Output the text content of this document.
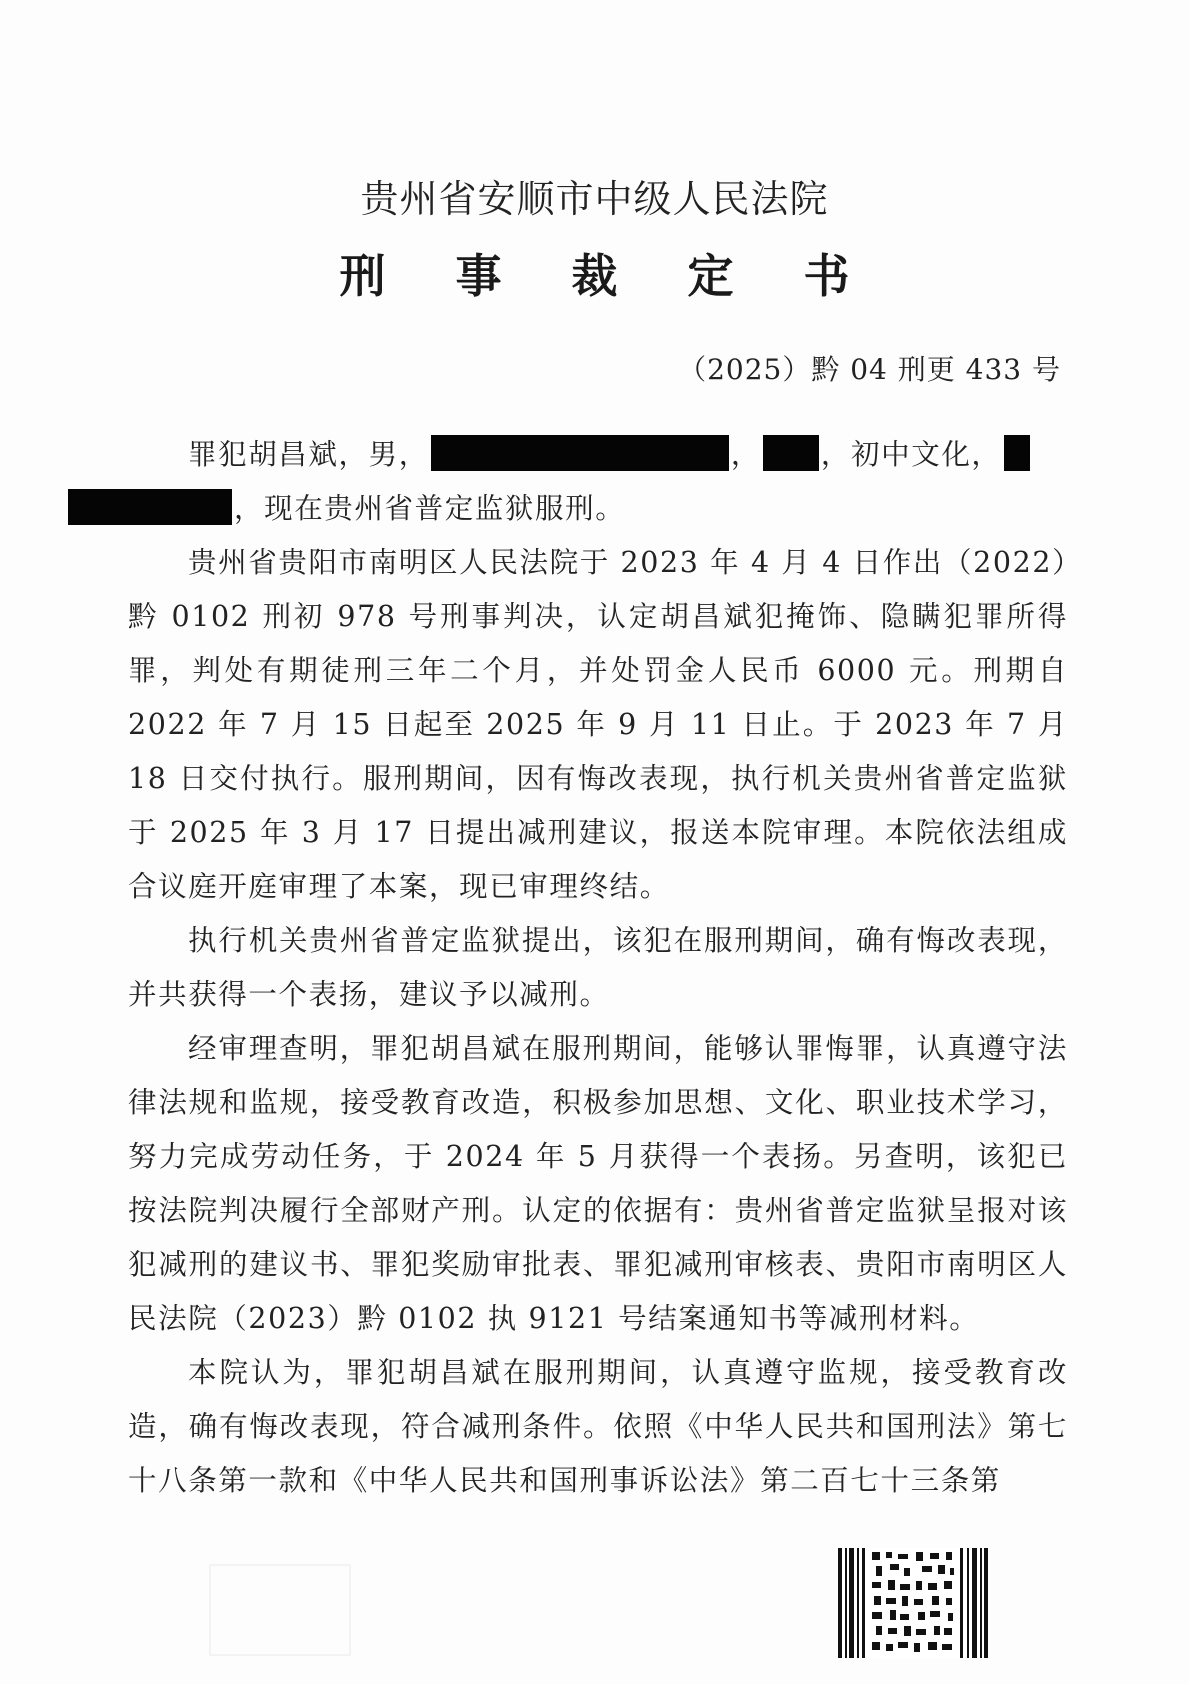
贵州省安顺市中级人民法院
刑事裁定书
（2025）黔 04 刑更 433 号

罪犯胡昌斌，男，	， ，初中文化，
，现在贵州省普定监狱服刑。

贵州省贵阳市南明区人民法院于 2023 年 4 月 4 日作出（2022）黔 0102 刑初 978 号刑事判决，认定胡昌斌犯掩饰、隐瞒犯罪所得罪，判处有期徒刑三年二个月，并处罚金人民币 6000 元。刑期自 2022 年 7 月 15 日起至 2025 年 9 月 11 日止。于 2023 年 7 月 18 日交付执行。服刑期间，因有悔改表现，执行机关贵州省普定监狱于 2025 年 3 月 17 日提出减刑建议，报送本院审理。本院依法组成合议庭开庭审理了本案，现已审理终结。

执行机关贵州省普定监狱提出，该犯在服刑期间，确有悔改表现，并共获得一个表扬，建议予以减刑。

经审理查明，罪犯胡昌斌在服刑期间，能够认罪悔罪，认真遵守法律法规和监规，接受教育改造，积极参加思想、文化、职业技术学习，努力完成劳动任务，于 2024 年 5 月获得一个表扬。另查明，该犯已按法院判决履行全部财产刑。认定的依据有：贵州省普定监狱呈报对该犯减刑的建议书、罪犯奖励审批表、罪犯减刑审核表、贵阳市南明区人民法院（2023）黔 0102 执 9121 号结案通知书等减刑材料。

本院认为，罪犯胡昌斌在服刑期间，认真遵守监规，接受教育改造，确有悔改表现，符合减刑条件。依照《中华人民共和国刑法》第七十八条第一款和《中华人民共和国刑事诉讼法》第二百七十三条第
